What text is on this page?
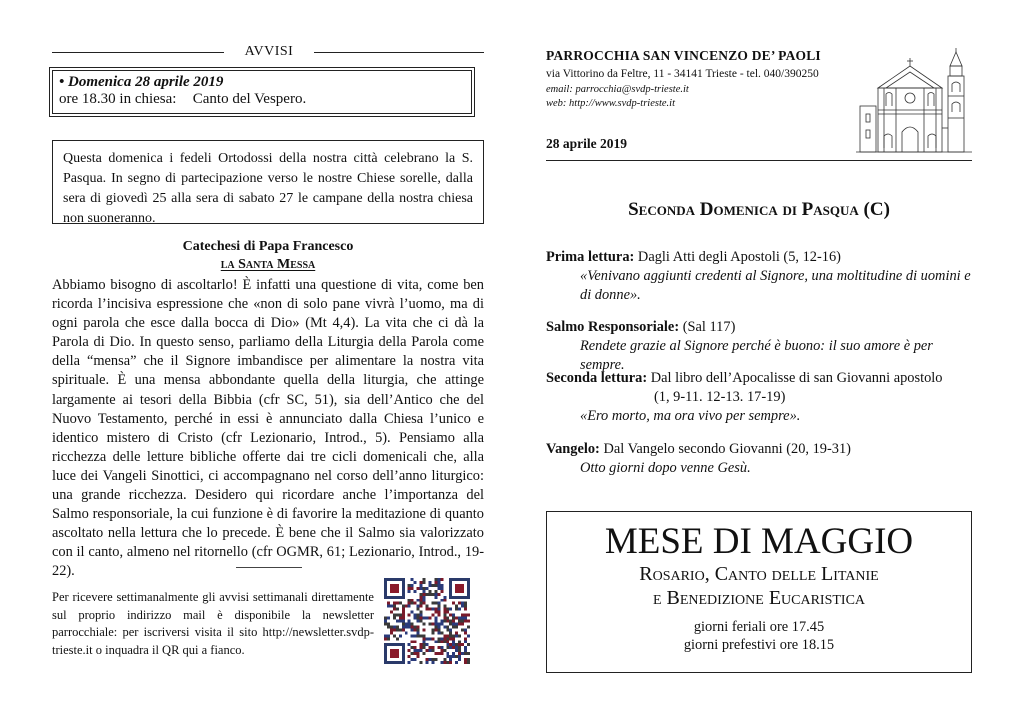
AVVISI
• Domenica 28 aprile 2019
ore 18.30 in chiesa: Canto del Vespero.
Questa domenica i fedeli Ortodossi della nostra città celebrano la S. Pasqua. In segno di partecipazione verso le nostre Chiese sorelle, dalla sera di giovedì 25 alla sera di sabato 27 le campane della nostra chiesa non suoneranno.
Catechesi di Papa Francesco
la Santa Messa
Abbiamo bisogno di ascoltarlo! È infatti una questione di vita, come ben ricorda l’incisiva espressione che «non di solo pane vivrà l’uomo, ma di ogni parola che esce dalla bocca di Dio» (Mt 4,4). La vita che ci dà la Parola di Dio. In questo senso, parliamo della Liturgia della Parola come della “mensa” che il Signore imbandisce per alimentare la nostra vita spirituale. È una mensa abbondante quella della liturgia, che attinge largamente ai tesori della Bibbia (cfr SC, 51), sia dell’Antico che del Nuovo Testamento, perché in essi è annunciato dalla Chiesa l’unico e identico mistero di Cristo (cfr Lezionario, Introd., 5). Pensiamo alla ricchezza delle letture bibliche offerte dai tre cicli domenicali che, alla luce dei Vangeli Sinottici, ci accompagnano nel corso dell’anno liturgico: una grande ricchezza. Desidero qui ricordare anche l’importanza del Salmo responsoriale, la cui funzione è di favorire la meditazione di quanto ascoltato nella lettura che lo precede. È bene che il Salmo sia valorizzato con il canto, almeno nel ritornello (cfr OGMR, 61; Lezionario, Introd., 19-22).
Per ricevere settimanalmente gli avvisi settimanali direttamente sul proprio indirizzo mail è disponibile la newsletter parrocchiale: per iscriversi visita il sito http://newsletter.svdp-trieste.it o inquadra il QR qui a fianco.
PARROCCHIA SAN VINCENZO DE’ PAOLI
via Vittorino da Feltre, 11 - 34141 Trieste - tel. 040/390250
email: parrocchia@svdp-trieste.it
web: http://www.svdp-trieste.it
28 aprile 2019
Seconda Domenica di Pasqua (C)
Prima lettura: Dagli Atti degli Apostoli (5, 12-16)
«Venivano aggiunti credenti al Signore, una moltitudine di uomini e di donne».
Salmo Responsoriale: (Sal 117)
Rendete grazie al Signore perché è buono: il suo amore è per sempre.
Seconda lettura: Dal libro dell’Apocalisse di san Giovanni apostolo
(1, 9-11. 12-13. 17-19)
«Ero morto, ma ora vivo per sempre».
Vangelo: Dal Vangelo secondo Giovanni (20, 19-31)
Otto giorni dopo venne Gesù.
MESE DI MAGGIO
Rosario, Canto delle Litanie
e Benedizione Eucaristica
giorni feriali ore 17.45
giorni prefestivi ore 18.15
